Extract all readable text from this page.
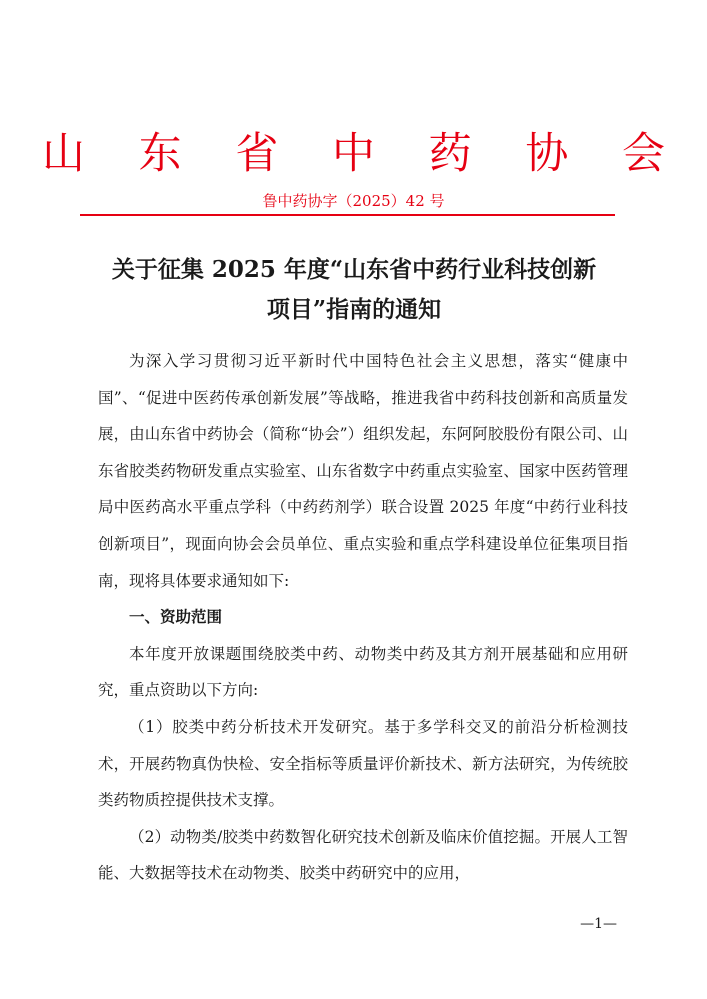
山 东 省 中 药 协 会
鲁中药协字（2025）42 号
关于征集 2025 年度“山东省中药行业科技创新
项目”指南的通知

为深入学习贯彻习近平新时代中国特色社会主义思想，落实“健康中国”、“促进中医药传承创新发展”等战略，推进我省中药科技创新和高质量发展，由山东省中药协会（简称“协会”）组织发起，东阿阿胶股份有限公司、山东省胶类药物研发重点实验室、山东省数字中药重点实验室、国家中医药管理局中医药高水平重点学科（中药药剂学）联合设置 2025 年度“中药行业科技创新项目”，现面向协会会员单位、重点实验和重点学科建设单位征集项目指南，现将具体要求通知如下:

一、资助范围

本年度开放课题围绕胶类中药、动物类中药及其方剂开展基础和应用研究，重点资助以下方向:

（1）胶类中药分析技术开发研究。基于多学科交叉的前沿分析检测技术，开展药物真伪快检、安全指标等质量评价新技术、新方法研究，为传统胶类药物质控提供技术支撑。

（2）动物类/胶类中药数智化研究技术创新及临床价值挖掘。开展人工智能、大数据等技术在动物类、胶类中药研究中的应用，

—1—
